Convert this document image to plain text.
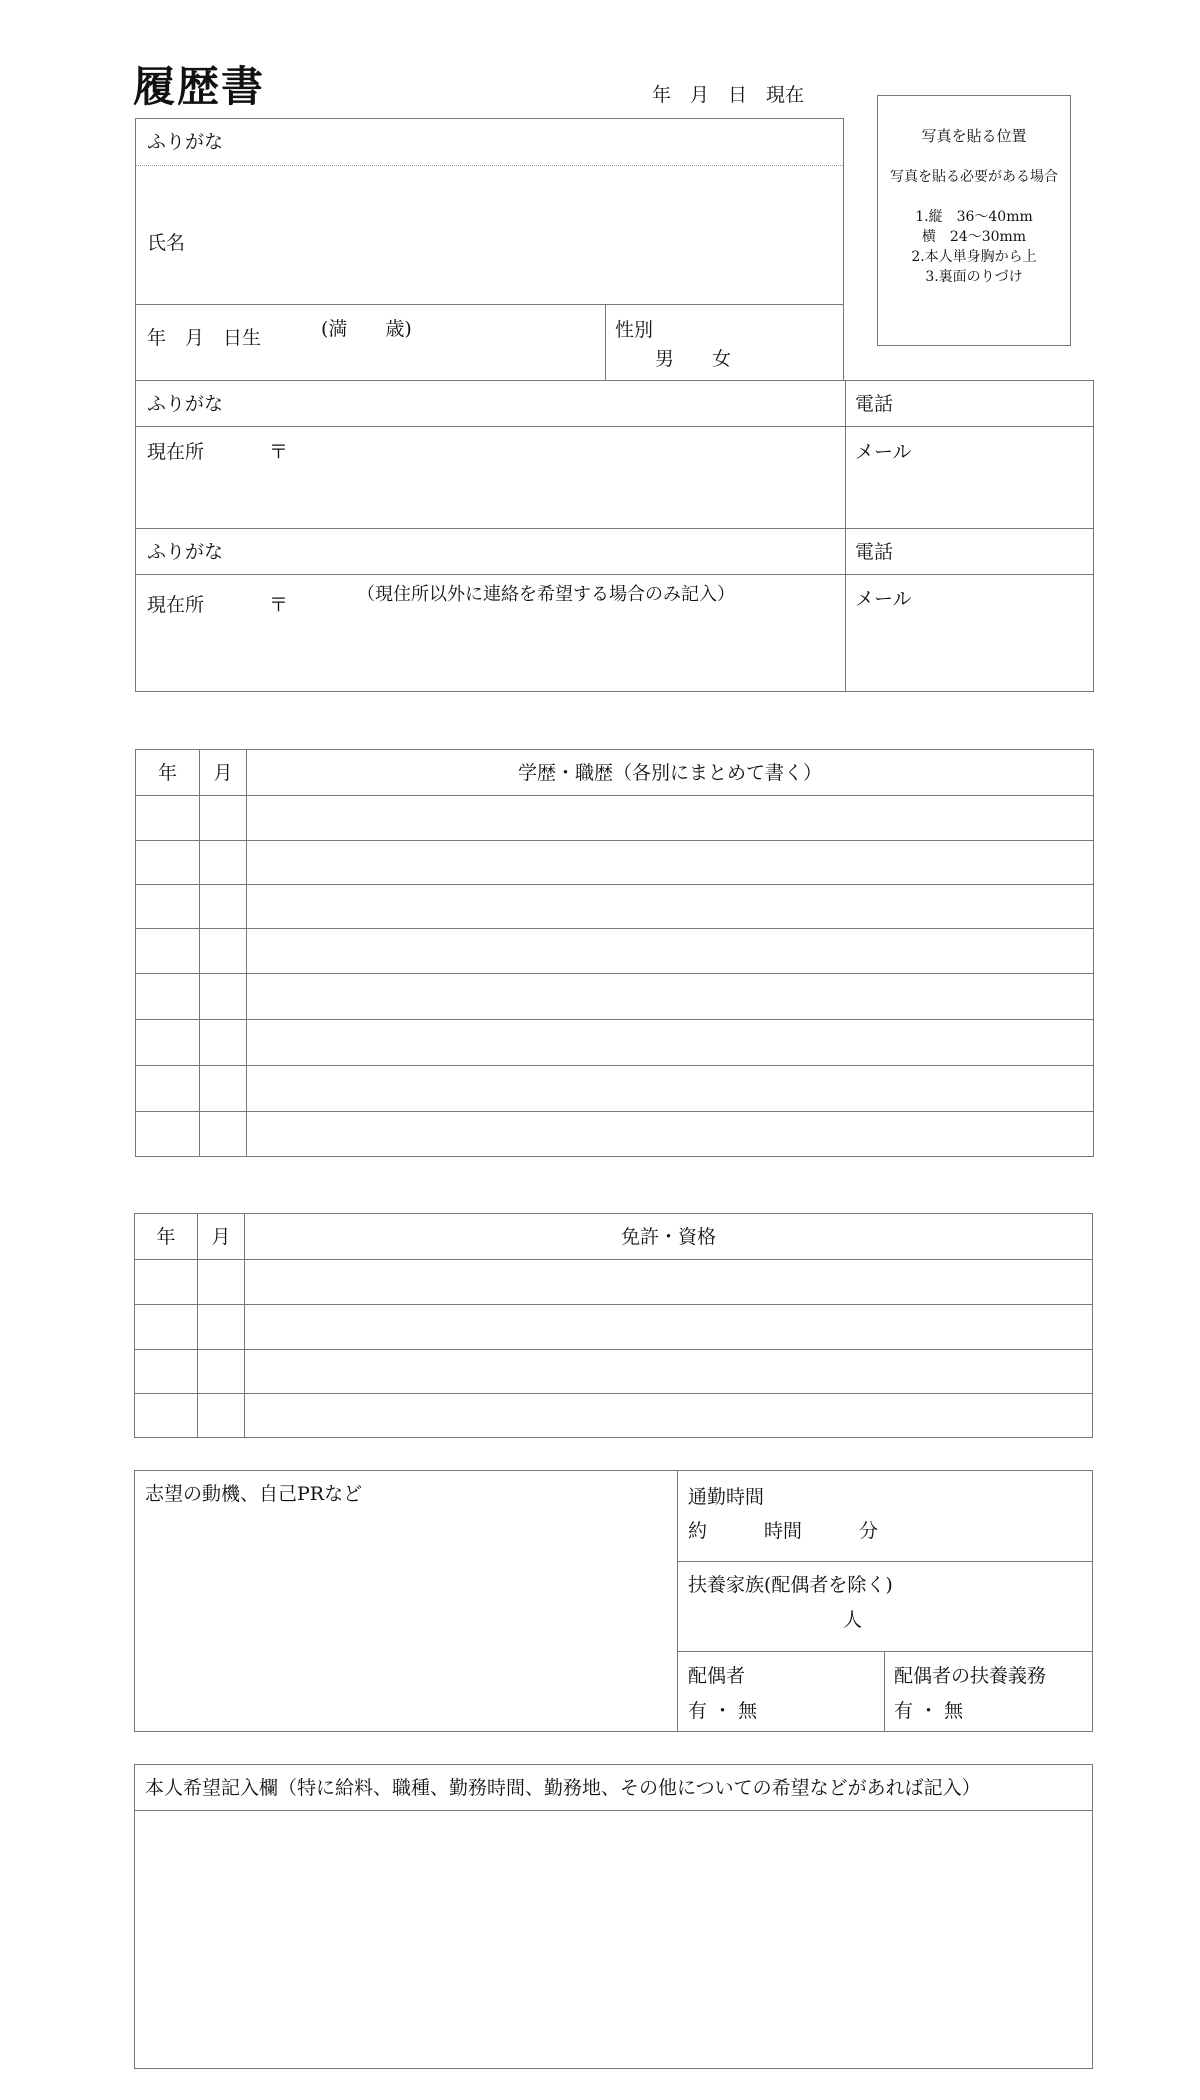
履歴書	年　月　日　現在
写真を貼る位置
写真を貼る必要がある場合
1.縦　36～40mm
横　24～30mm
2.本人単身胸から上
3.裏面のりづけ
ふりがな
氏名
年　月　日生	(満　　歳)	性別
男　　女
ふりがな	電話
現在所	〒	メール
ふりがな	電話
現在所	〒	（現住所以外に連絡を希望する場合のみ記入）	メール
年	月	学歴・職歴（各別にまとめて書く）
年	月	免許・資格
志望の動機、自己PRなど	通勤時間
約　　　時間　　　分
扶養家族(配偶者を除く)
人
配偶者
有 ・ 無
配偶者の扶養義務
有 ・ 無
本人希望記入欄（特に給料、職種、勤務時間、勤務地、その他についての希望などがあれば記入）
